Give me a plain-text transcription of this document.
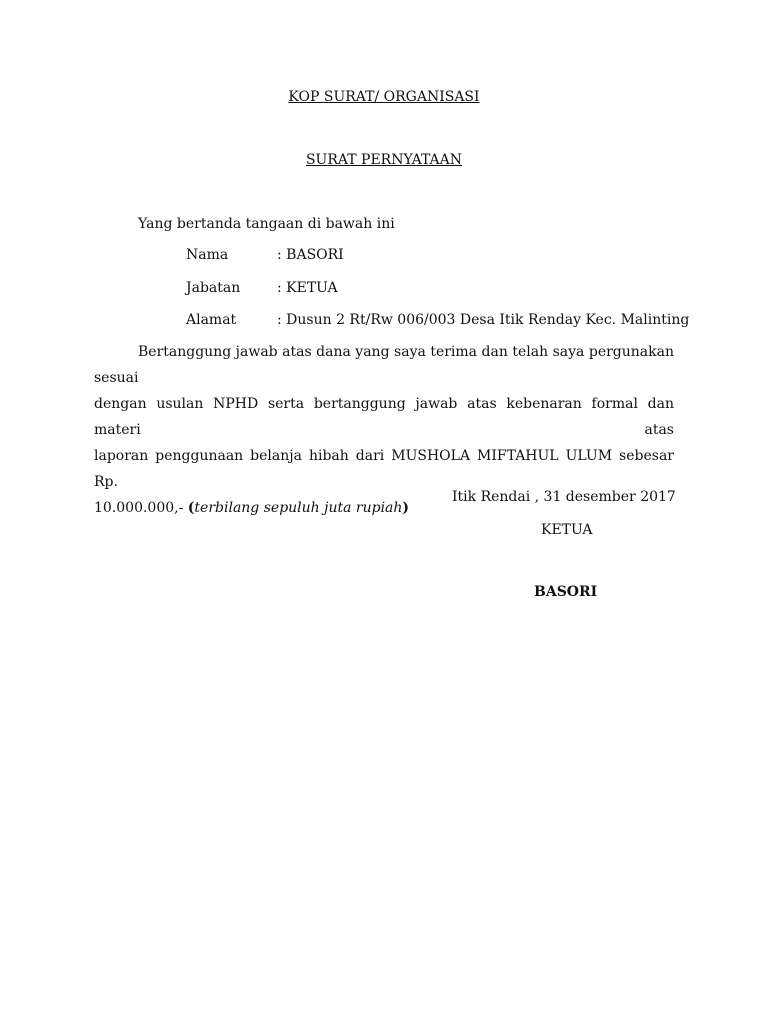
KOP SURAT/ ORGANISASI
SURAT PERNYATAAN
Yang bertanda tangaan di bawah ini
Nama	: BASORI
Jabatan	: KETUA
Alamat	: Dusun 2 Rt/Rw 006/003 Desa Itik Renday Kec. Malinting
Bertanggung jawab atas dana yang saya terima dan telah saya pergunakan sesuai
dengan usulan NPHD serta bertanggung jawab atas kebenaran formal dan materi atas
laporan penggunaan belanja hibah dari MUSHOLA MIFTAHUL ULUM sebesar Rp.
10.000.000,- (terbilang sepuluh juta rupiah)
Itik Rendai , 31 desember 2017
KETUA
BASORI
